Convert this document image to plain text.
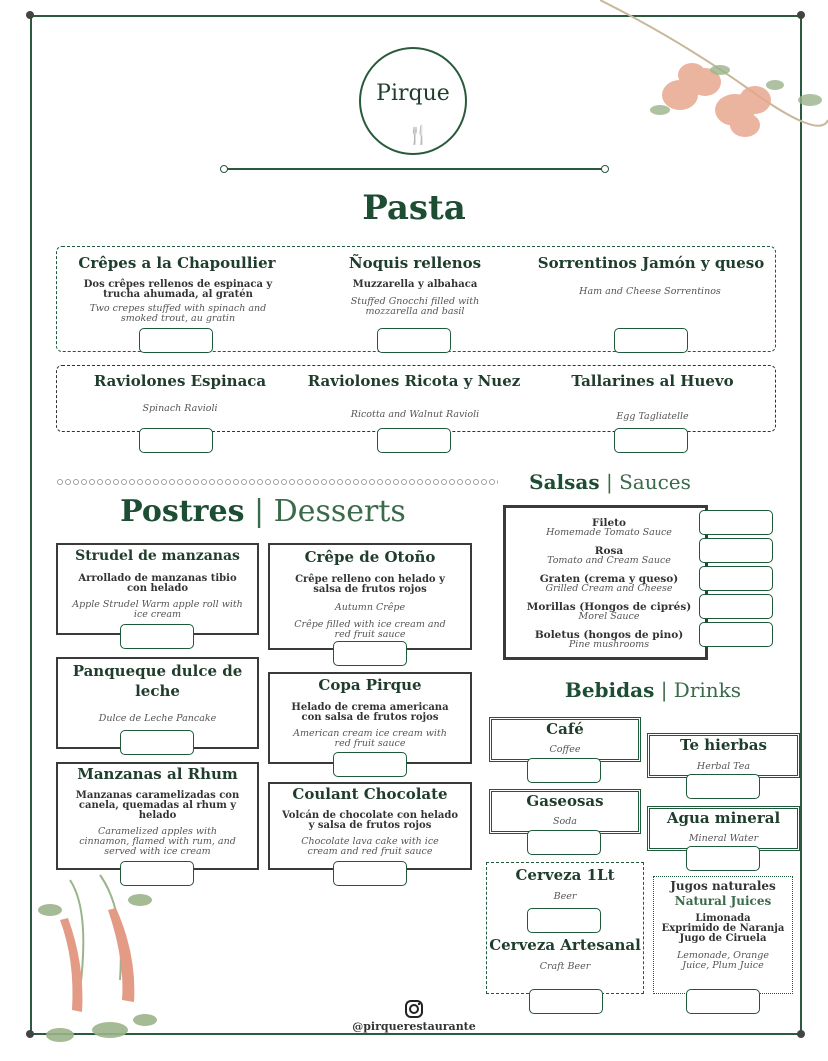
Pirque
🍴
Pasta
Crêpes a la Chapoullier
Dos crêpes rellenos de espinaca y trucha ahumada, al gratén
Two crepes stuffed with spinach and smoked trout, au gratin
Ñoquis rellenos
Muzzarella y albahaca
Stuffed Gnocchi filled with mozzarella and basil
Sorrentinos Jamón y queso
Ham and Cheese Sorrentinos
Raviolones Espinaca
Spinach Ravioli
Raviolones Ricota y Nuez
Ricotta and Walnut Ravioli
Tallarines al Huevo
Egg Tagliatelle
Postres | Desserts
Strudel de manzanas
Arrollado de manzanas tibio con helado
Apple Strudel Warm apple roll with ice cream
Crêpe de Otoño
Crêpe relleno con helado y salsa de frutos rojos
Autumn Crêpe
Crêpe filled with ice cream and red fruit sauce
Panqueque dulce de leche
Dulce de Leche Pancake
Copa Pirque
Helado de crema americana con salsa de frutos rojos
American cream ice cream with red fruit sauce
Manzanas al Rhum
Manzanas caramelizadas con canela, quemadas al rhum y helado
Caramelized apples with cinnamon, flamed with rum, and served with ice cream
Coulant Chocolate
Volcán de chocolate con helado y salsa de frutos rojos
Chocolate lava cake with ice cream and red fruit sauce
Salsas | Sauces
Fileto
Homemade Tomato Sauce
Rosa
Tomato and Cream Sauce
Graten (crema y queso)
Grilled Cream and Cheese
Morillas (Hongos de ciprés)
Morel Sauce
Boletus (hongos de pino)
Pine mushrooms
Bebidas | Drinks
Café
Coffee	Te hierbas
Herbal Tea
Gaseosas
Soda	Agua mineral
Mineral Water
Cerveza 1Lt
Beer
Cerveza Artesanal
Craft Beer
Jugos naturales
Natural Juices
Limonada
Exprimido de Naranja
Jugo de Ciruela
Lemonade, Orange Juice, Plum Juice
@pirquerestaurante
